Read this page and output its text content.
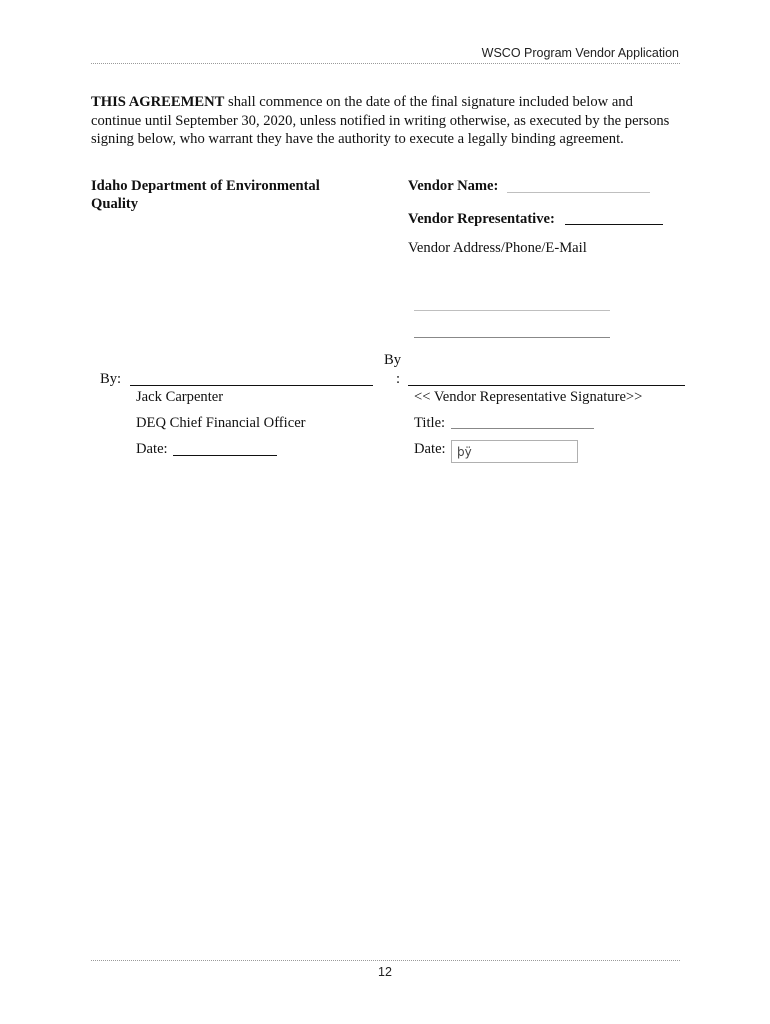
WSCO Program Vendor Application
THIS AGREEMENT shall commence on the date of the final signature included below and continue until September 30, 2020, unless notified in writing otherwise, as executed by the persons signing below, who warrant they have the authority to execute a legally binding agreement.
Idaho Department of Environmental
Quality
Vendor Name:
Vendor Representative:
Vendor Address/Phone/E-Mail
By:
By
:
Jack Carpenter	<< Vendor Representative Signature>>
DEQ Chief Financial Officer	Title:
Date:	Date: þÿ
12
